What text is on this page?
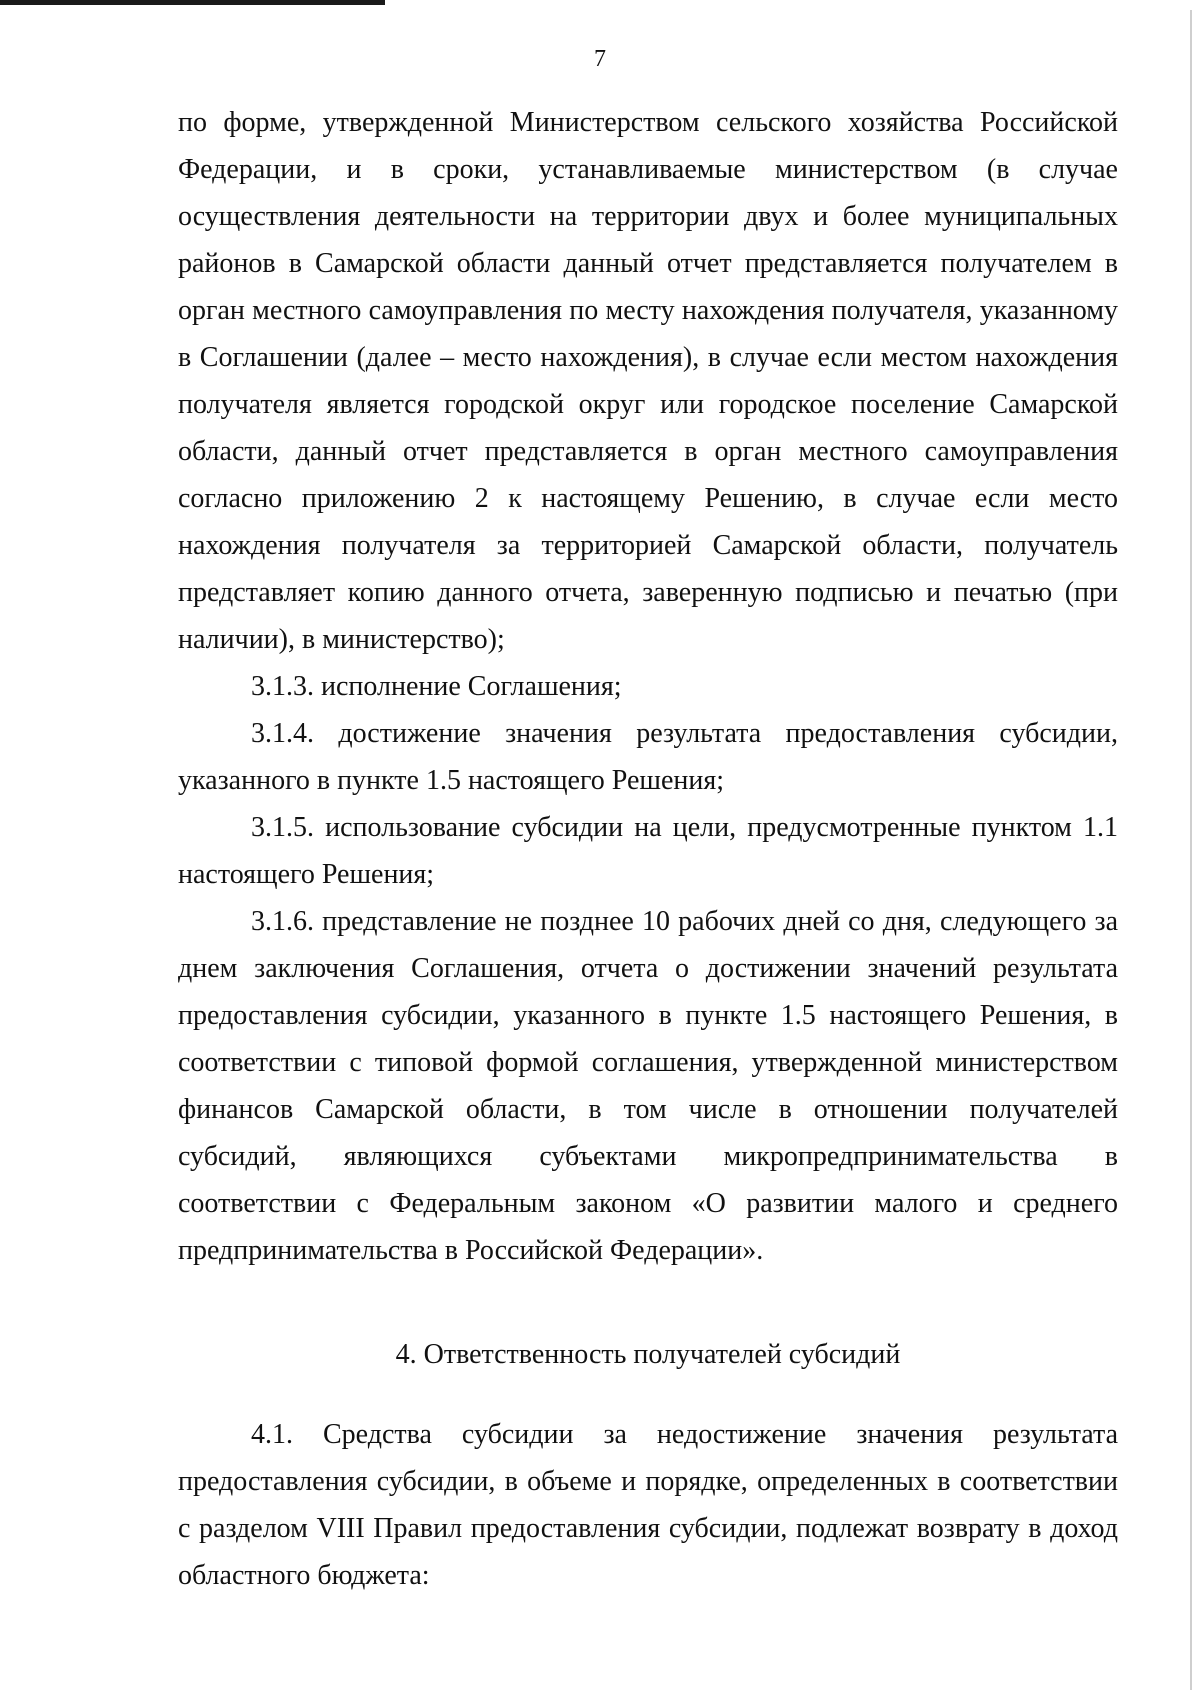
7

по форме, утвержденной Министерством сельского хозяйства Российской Федерации, и в сроки, устанавливаемые министерством (в случае осуществления деятельности на территории двух и более муниципальных районов в Самарской области данный отчет представляется получателем в орган местного самоуправления по месту нахождения получателя, указанному в Соглашении (далее – место нахождения), в случае если местом нахождения получателя является городской округ или городское поселение Самарской области, данный отчет представляется в орган местного самоуправления согласно приложению 2 к настоящему Решению, в случае если место нахождения получателя за территорией Самарской области, получатель представляет копию данного отчета, заверенную подписью и печатью (при наличии), в министерство);

3.1.3. исполнение Соглашения;

3.1.4. достижение значения результата предоставления субсидии, указанного в пункте 1.5 настоящего Решения;

3.1.5. использование субсидии на цели, предусмотренные пунктом 1.1 настоящего Решения;

3.1.6. представление не позднее 10 рабочих дней со дня, следующего за днем заключения Соглашения, отчета о достижении значений результата предоставления субсидии, указанного в пункте 1.5 настоящего Решения, в соответствии с типовой формой соглашения, утвержденной министерством финансов Самарской области, в том числе в отношении получателей субсидий, являющихся субъектами микропредпринимательства в соответствии с Федеральным законом «О развитии малого и среднего предпринимательства в Российской Федерации».

4. Ответственность получателей субсидий

4.1. Средства субсидии за недостижение значения результата предоставления субсидии, в объеме и порядке, определенных в соответствии с разделом VIII Правил предоставления субсидии, подлежат возврату в доход областного бюджета:
